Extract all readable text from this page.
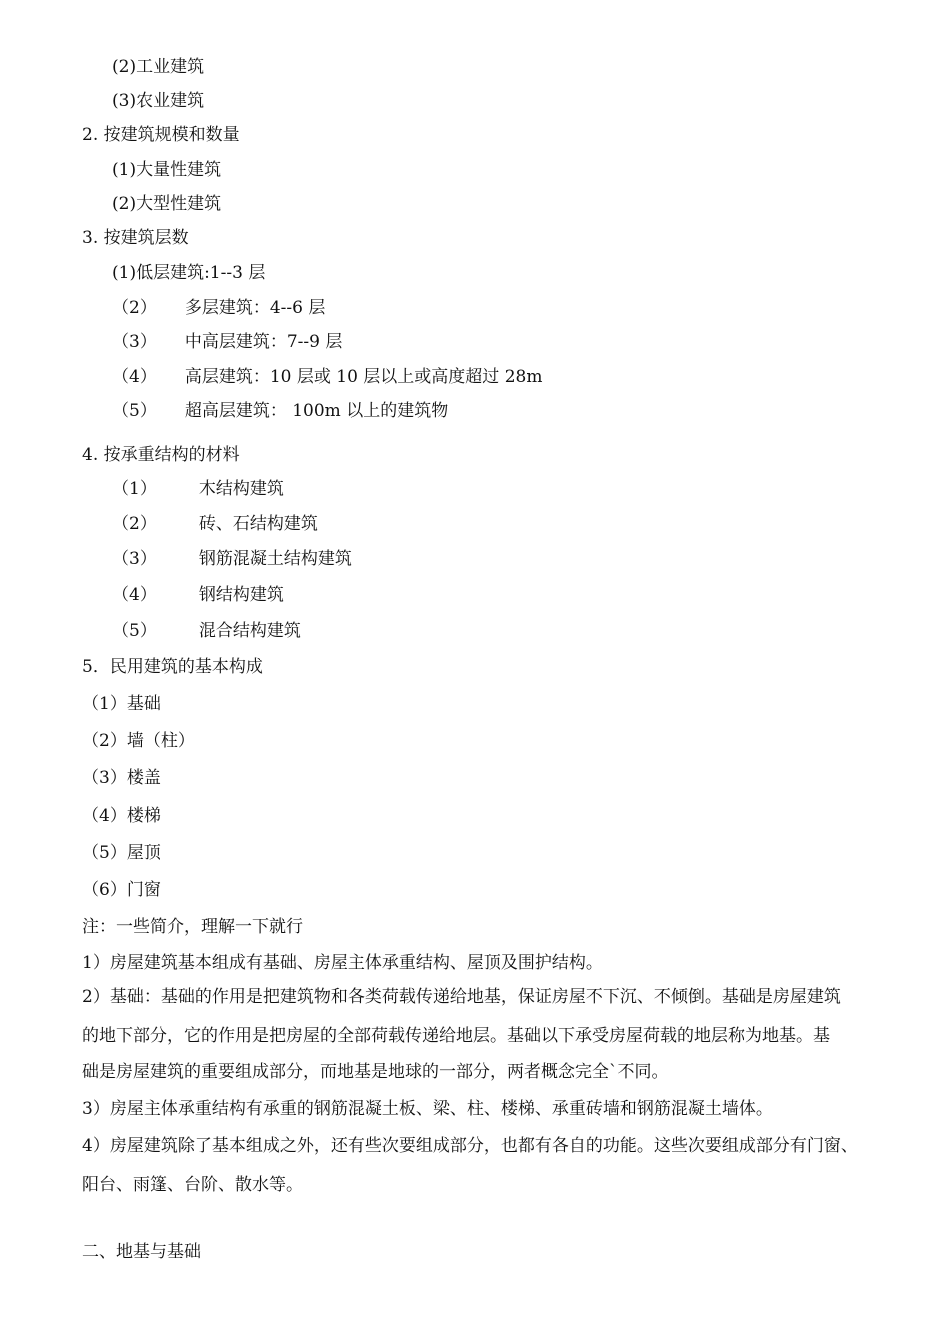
(2)工业建筑
(3)农业建筑
2. 按建筑规模和数量
(1)大量性建筑
(2)大型性建筑
3. 按建筑层数
(1)低层建筑:1--3 层
（2） 多层建筑：4--6 层
（3） 中高层建筑：7--9 层
（4） 高层建筑：10 层或 10 层以上或高度超过 28m
（5） 超高层建筑： 100m 以上的建筑物
4. 按承重结构的材料
（1） 木结构建筑
（2） 砖、石结构建筑
（3） 钢筋混凝土结构建筑
（4） 钢结构建筑
（5） 混合结构建筑
5．民用建筑的基本构成
（1）基础
（2）墙（柱）
（3）楼盖
（4）楼梯
（5）屋顶
（6）门窗
注：一些简介，理解一下就行
1）房屋建筑基本组成有基础、房屋主体承重结构、屋顶及围护结构。
2）基础：基础的作用是把建筑物和各类荷载传递给地基，保证房屋不下沉、不倾倒。基础是房屋建筑
的地下部分，它的作用是把房屋的全部荷载传递给地层。基础以下承受房屋荷载的地层称为地基。基
础是房屋建筑的重要组成部分，而地基是地球的一部分，两者概念完全`不同。
3）房屋主体承重结构有承重的钢筋混凝土板、梁、柱、楼梯、承重砖墙和钢筋混凝土墙体。
4）房屋建筑除了基本组成之外，还有些次要组成部分，也都有各自的功能。这些次要组成部分有门窗、
阳台、雨篷、台阶、散水等。
二、地基与基础
